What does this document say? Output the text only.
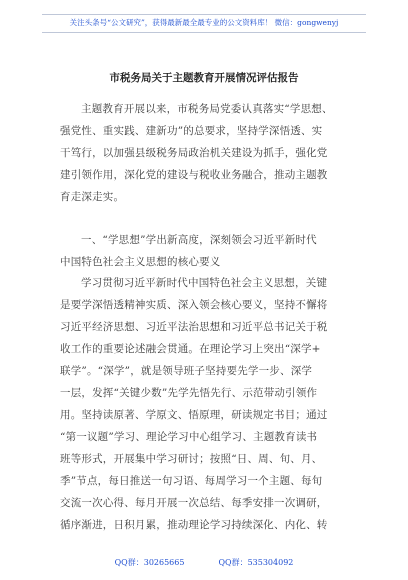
关注头条号“公文研究”，获得最新最全最专业的公文资料库！ 微信：gongwenyj
市税务局关于主题教育开展情况评估报告
主题教育开展以来，市税务局党委认真落实“学思想、
强党性、重实践、建新功”的总要求，坚持学深悟透、实
干笃行，以加强县级税务局政治机关建设为抓手，强化党
建引领作用，深化党的建设与税收业务融合，推动主题教
育走深走实。
一、“学思想”学出新高度，深刻领会习近平新时代
中国特色社会主义思想的核心要义
学习贯彻习近平新时代中国特色社会主义思想，关键
是要学深悟透精神实质、深入领会核心要义，坚持不懈将
习近平经济思想、习近平法治思想和习近平总书记关于税
收工作的重要论述融会贯通。在理论学习上突出“深学+
联学”。“深学”，就是领导班子坚持要先学一步、深学
一层，发挥“关键少数”先学先悟先行、示范带动引领作
用。坚持读原著、学原文、悟原理，研读规定书目；通过
“第一议题”学习、理论学习中心组学习、主题教育读书
班等形式，开展集中学习研讨；按照“日、周、旬、月、
季”节点，每日推送一句习语、每周学习一个主题、每旬
交流一次心得、每月开展一次总结、每季安排一次调研，
循序渐进，日积月累，推动理论学习持续深化、内化、转
QQ群：30265665	QQ群：535304092
